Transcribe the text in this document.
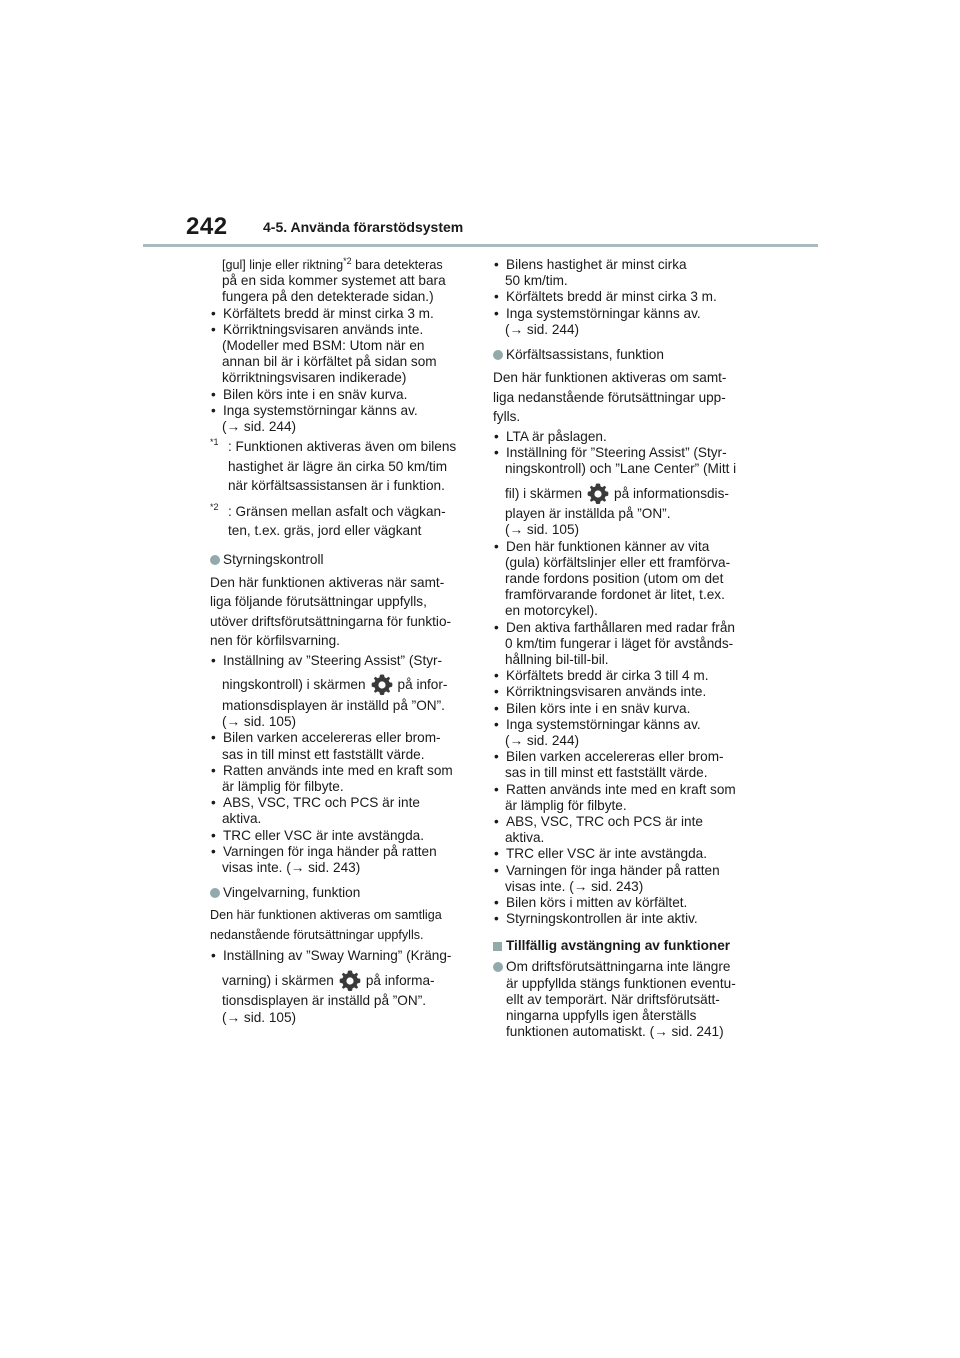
242	4-5. Använda förarstödsystem
[gul] linje eller riktning$^{*2}$ bara detekteras
på en sida kommer systemet att bara
fungera på den detekterade sidan.)
• Körfältets bredd är minst cirka 3 m.
• Körriktningsvisaren används inte.
(Modeller med BSM: Utom när en
annan bil är i körfältet på sidan som
körriktningsvisaren indikerade)
• Bilen körs inte i en snäv kurva.
• Inga systemstörningar känns av.
(→ sid. 244)
$^{*1}$ : Funktionen aktiveras även om bilens
hastighet är lägre än cirka 50 km/tim
när körfältsassistansen är i funktion.
$^{*2}$ : Gränsen mellan asfalt och vägkan-
ten, t.ex. gräs, jord eller vägkant
Styrningskontroll
Den här funktionen aktiveras när samt-
liga följande förutsättningar uppfylls,
utöver driftsförutsättningarna för funktio-
nen för körfilsvarning.
• Inställning av ”Steering Assist” (Styr-
ningskontroll) i skärmen på infor-
mationsdisplayen är inställd på ”ON”.
(→ sid. 105)
• Bilen varken accelereras eller brom-
sas in till minst ett fastställt värde.
• Ratten används inte med en kraft som
är lämplig för filbyte.
• ABS, VSC, TRC och PCS är inte
aktiva.
• TRC eller VSC är inte avstängda.
• Varningen för inga händer på ratten
visas inte. (→ sid. 243)
Vingelvarning, funktion
Den här funktionen aktiveras om samtliga
nedanstående förutsättningar uppfylls.
• Inställning av ”Sway Warning” (Kräng-
varning) i skärmen på informa-
tionsdisplayen är inställd på ”ON”.
(→ sid. 105)
• Bilens hastighet är minst cirka
50 km/tim.
• Körfältets bredd är minst cirka 3 m.
• Inga systemstörningar känns av.
(→ sid. 244)
Körfältsassistans, funktion
Den här funktionen aktiveras om samt-
liga nedanstående förutsättningar upp-
fylls.
• LTA är påslagen.
• Inställning för ”Steering Assist” (Styr-
ningskontroll) och ”Lane Center” (Mitt i
fil) i skärmen på informationsdis-
playen är inställda på ”ON”.
(→ sid. 105)
• Den här funktionen känner av vita
(gula) körfältslinjer eller ett framförva-
rande fordons position (utom om det
framförvarande fordonet är litet, t.ex.
en motorcykel).
• Den aktiva farthållaren med radar från
0 km/tim fungerar i läget för avstånds-
hållning bil-till-bil.
• Körfältets bredd är cirka 3 till 4 m.
• Körriktningsvisaren används inte.
• Bilen körs inte i en snäv kurva.
• Inga systemstörningar känns av.
(→ sid. 244)
• Bilen varken accelereras eller brom-
sas in till minst ett fastställt värde.
• Ratten används inte med en kraft som
är lämplig för filbyte.
• ABS, VSC, TRC och PCS är inte
aktiva.
• TRC eller VSC är inte avstängda.
• Varningen för inga händer på ratten
visas inte. (→ sid. 243)
• Bilen körs i mitten av körfältet.
• Styrningskontrollen är inte aktiv.
Tillfällig avstängning av funktioner
Om driftsförutsättningarna inte längre
är uppfyllda stängs funktionen eventu-
ellt av temporärt. När driftsförutsätt-
ningarna uppfylls igen återställs
funktionen automatiskt. (→ sid. 241)
